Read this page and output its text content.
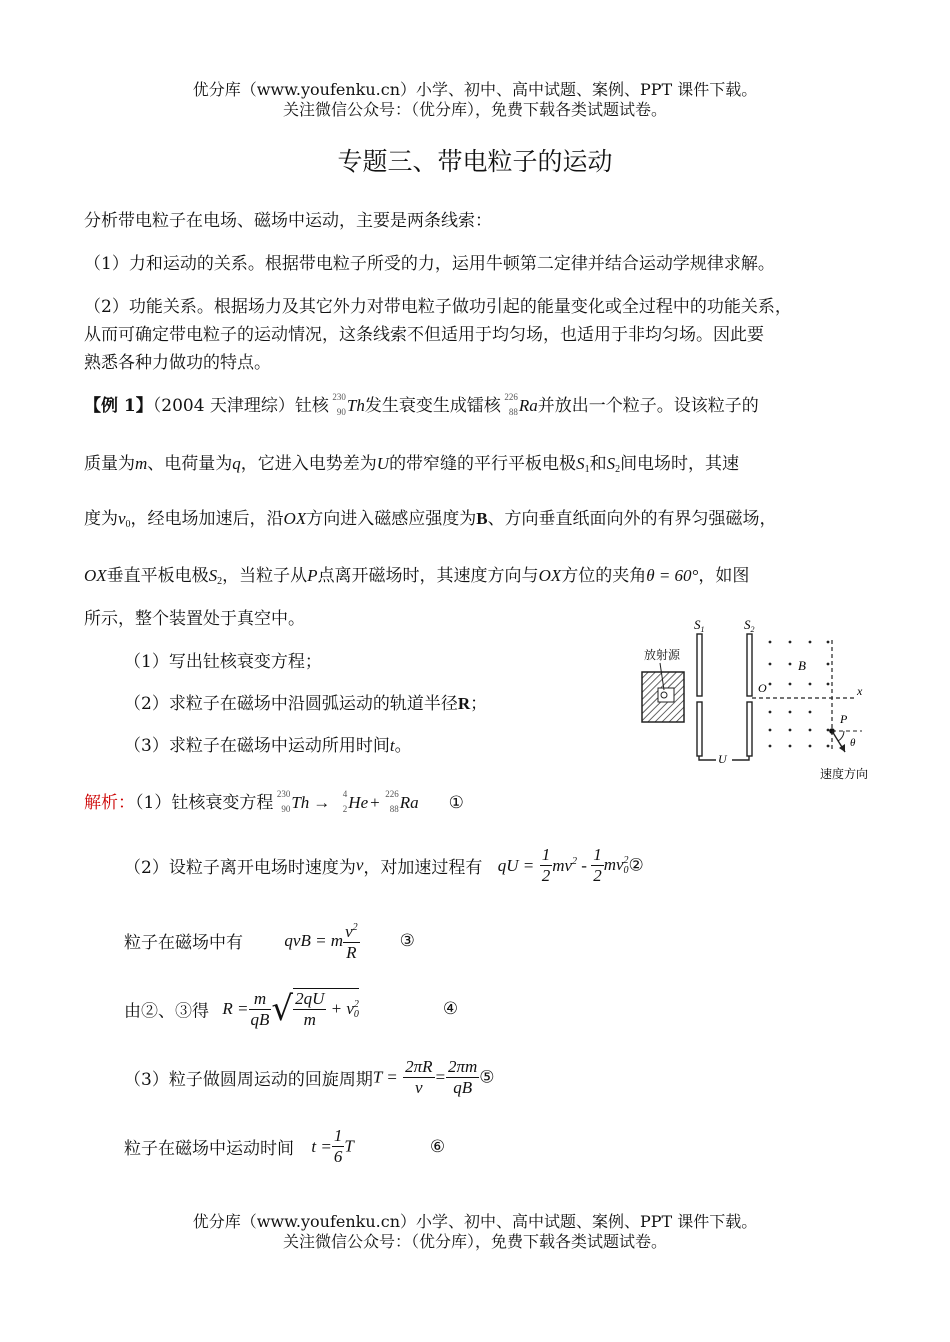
优分库（www.youfenku.cn）小学、初中、高中试题、案例、PPT 课件下载。
关注微信公众号：（优分库），免费下载各类试题试卷。
专题三、带电粒子的运动
分析带电粒子在电场、磁场中运动，主要是两条线索：
（1）力和运动的关系。根据带电粒子所受的力，运用牛顿第二定律并结合运动学规律求解。
（2）功能关系。根据场力及其它外力对带电粒子做功引起的能量变化或全过程中的功能关系，
从而可确定带电粒子的运动情况，这条线索不但适用于均匀场，也适用于非均匀场。因此要
熟悉各种力做功的特点。
【例 1】（2004 天津理综）钍核 230
90 Th发生衰变生成镭核 226
88 Ra并放出一个粒子。设该粒子的
质量为m、电荷量为q，它进入电势差为U的带窄缝的平行平板电极$S_1$和$S_2$间电场时，其速
度为$v_0$，经电场加速后，沿OX方向进入磁感应强度为B、方向垂直纸面向外的有界匀强磁场，
OX垂直平板电极$S_2$，当粒子从P点离开磁场时，其速度方向与OX方位的夹角θ = 60°，如图
所示，整个装置处于真空中。
（1）写出钍核衰变方程；
（2）求粒子在磁场中沿圆弧运动的轨道半径R；
（3）求粒子在磁场中运动所用时间t。
放射源
$S_1$	$S_2$
U
O	x
B
P
θ
速度方向
解析：（1）钍核衰变方程 230
90 Th → 4
2 He + 226
88 Ra ①
（2）设粒子离开电场时速度为v，对加速过程有 qU = $\frac{1}{2} mv^2 - \frac{1}{2}$ $mv_0^2②$
粒子在磁场中有 qvB = m $\frac{v^2}{R}$ ③
由②、③得 $R = \frac{m}{qB}$ √ $\frac{2qU}{m} + v_0^2$	④
（3）粒子做圆周运动的回旋周期$T = \frac{2\pi R}{v} = \frac{2\pi m}{qB}$ ⑤
粒子在磁场中运动时间 $t = \frac{1}{6}$ T	⑥
优分库（www.youfenku.cn）小学、初中、高中试题、案例、PPT 课件下载。
关注微信公众号：（优分库），免费下载各类试题试卷。
